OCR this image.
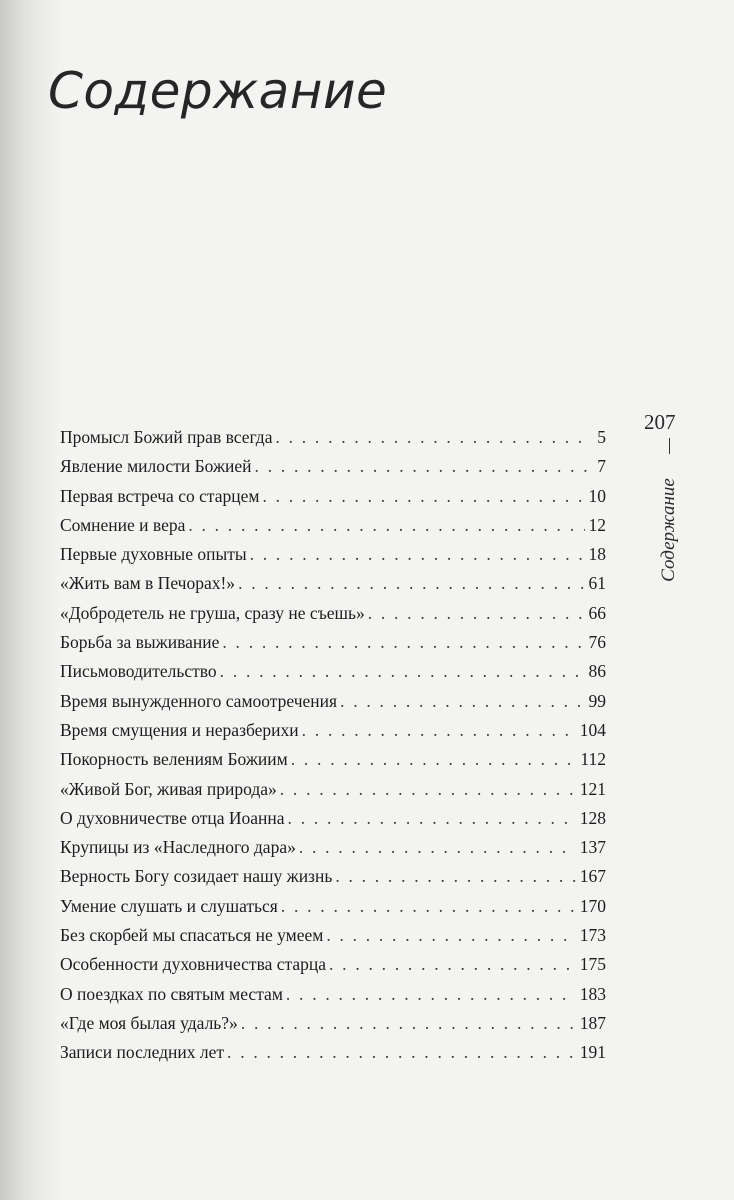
Содержание
Промысл Божий прав всегда . . .	5
Явление милости Божией . . .	7
Первая встреча со старцем . . .	10
Сомнение и вера . . .	12
Первые духовные опыты . . .	18
«Жить вам в Печорах!» . . .	61
«Добродетель не груша, сразу не съешь» . . .	66
Борьба за выживание . . .	76
Письмоводительство . . .	86
Время вынужденного самоотречения . . .	99
Время смущения и неразберихи . . .	104
Покорность велениям Божиим . . .	112
«Живой Бог, живая природа» . . .	121
О духовничестве отца Иоанна . . .	128
Крупицы из «Наследного дара» . . .	137
Верность Богу созидает нашу жизнь . . .	167
Умение слушать и слушаться . . .	170
Без скорбей мы спасаться не умеем . . .	173
Особенности духовничества старца . . .	175
О поездках по святым местам . . .	183
«Где моя былая удаль?» . . .	187
Записи последних лет . . .	191
207
Содержание
